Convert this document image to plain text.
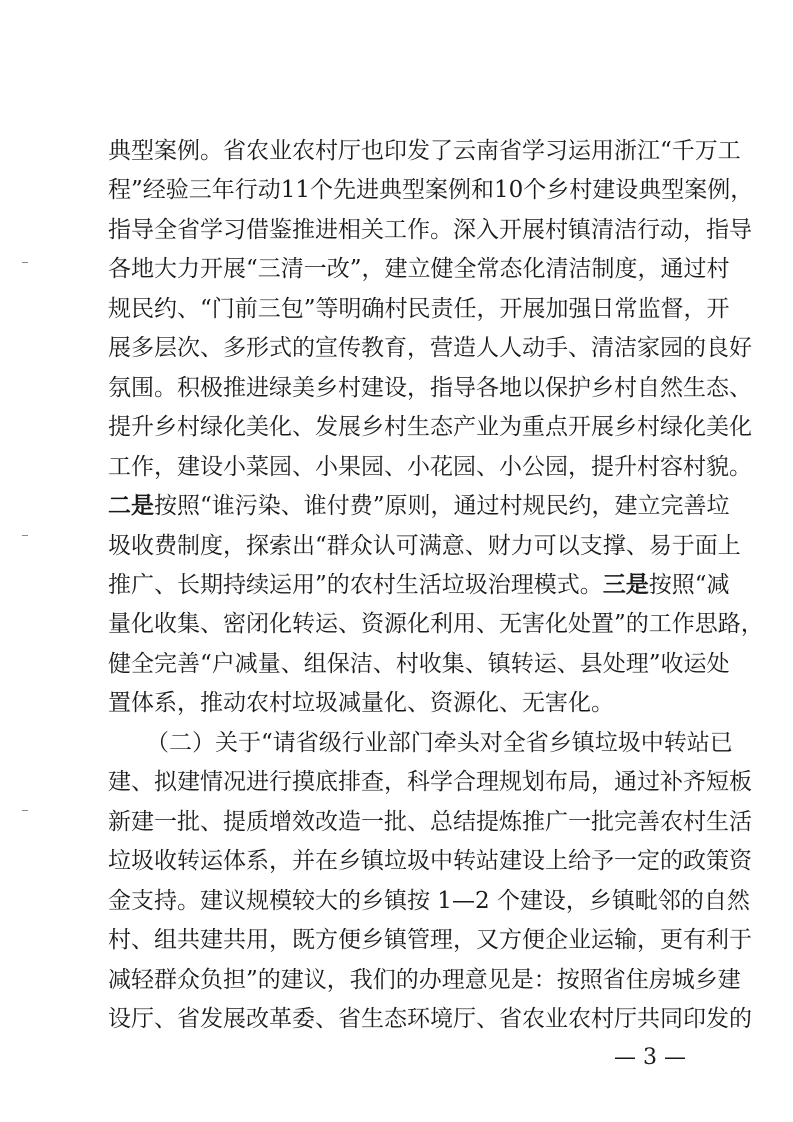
典型案例。省农业农村厅也印发了云南省学习运用浙江“千万工
程”经验三年行动11个先进典型案例和10个乡村建设典型案例，
指导全省学习借鉴推进相关工作。深入开展村镇清洁行动，指导
各地大力开展“三清一改”，建立健全常态化清洁制度，通过村
规民约、“门前三包”等明确村民责任，开展加强日常监督，开
展多层次、多形式的宣传教育，营造人人动手、清洁家园的良好
氛围。积极推进绿美乡村建设，指导各地以保护乡村自然生态、
提升乡村绿化美化、发展乡村生态产业为重点开展乡村绿化美化
工作，建设小菜园、小果园、小花园、小公园，提升村容村貌。
二是按照“谁污染、谁付费”原则，通过村规民约，建立完善垃
圾收费制度，探索出“群众认可满意、财力可以支撑、易于面上
推广、长期持续运用”的农村生活垃圾治理模式。三是按照“减
量化收集、密闭化转运、资源化利用、无害化处置”的工作思路，
健全完善“户减量、组保洁、村收集、镇转运、县处理”收运处
置体系，推动农村垃圾减量化、资源化、无害化。
（二）关于“请省级行业部门牵头对全省乡镇垃圾中转站已
建、拟建情况进行摸底排查，科学合理规划布局，通过补齐短板
新建一批、提质增效改造一批、总结提炼推广一批完善农村生活
垃圾收转运体系，并在乡镇垃圾中转站建设上给予一定的政策资
金支持。建议规模较大的乡镇按 1—2 个建设，乡镇毗邻的自然
村、组共建共用，既方便乡镇管理，又方便企业运输，更有利于
减轻群众负担”的建议，我们的办理意见是：按照省住房城乡建
设厅、省发展改革委、省生态环境厅、省农业农村厅共同印发的
— 3 —
